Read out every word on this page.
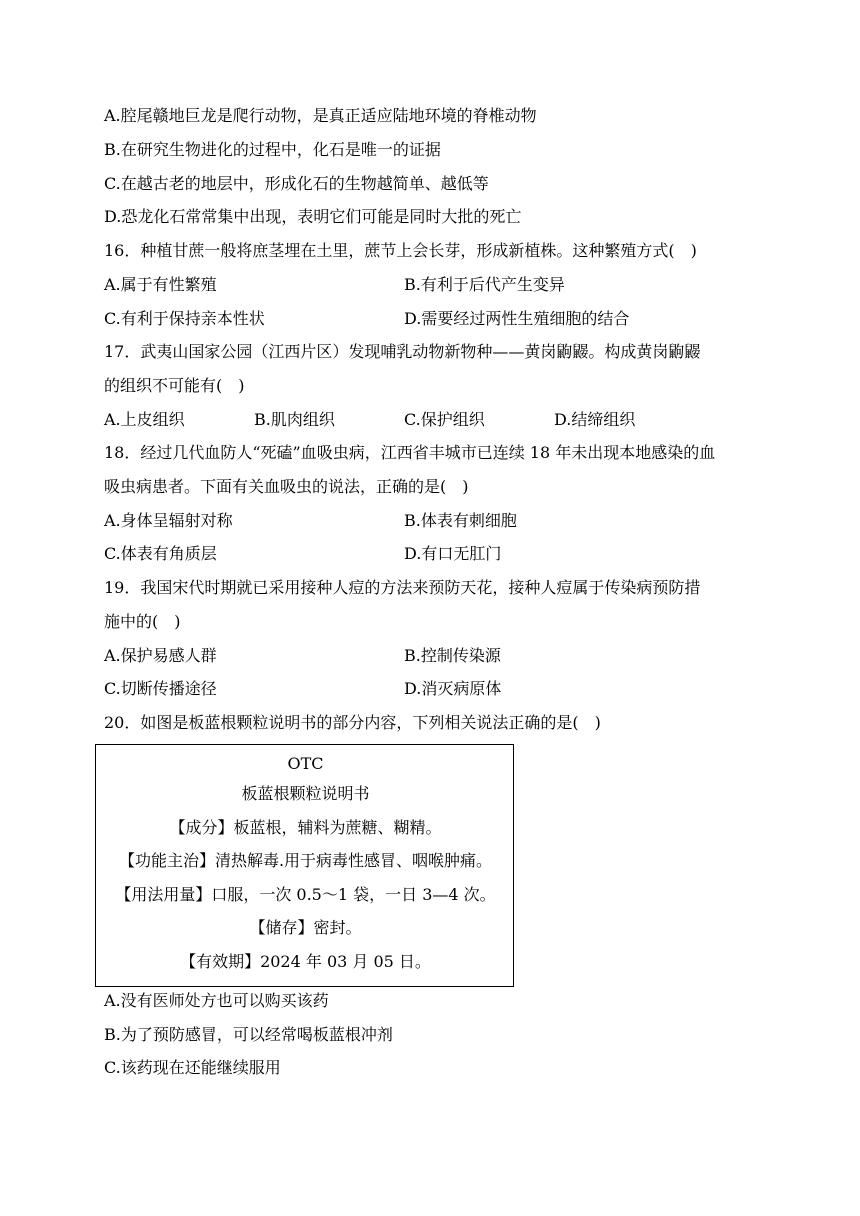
A.腔尾赣地巨龙是爬行动物，是真正适应陆地环境的脊椎动物
B.在研究生物进化的过程中，化石是唯一的证据
C.在越古老的地层中，形成化石的生物越简单、越低等
D.恐龙化石常常集中出现，表明它们可能是同时大批的死亡
16．种植甘蔗一般将庶茎埋在土里，蔗节上会长芽，形成新植株。这种繁殖方式(　)
A.属于有性繁殖	B.有利于后代产生变异
C.有利于保持亲本性状	D.需要经过两性生殖细胞的结合
17．武夷山国家公园（江西片区）发现哺乳动物新物种——黄岗鼩鼹。构成黄岗鼩鼹
的组织不可能有(　)
A.上皮组织	B.肌肉组织	C.保护组织	D.结缔组织
18．经过几代血防人“死磕”血吸虫病，江西省丰城市已连续 18 年未出现本地感染的血
吸虫病患者。下面有关血吸虫的说法，正确的是(　)
A.身体呈辐射对称	B.体表有刺细胞
C.体表有角质层	D.有口无肛门
19．我国宋代时期就已采用接种人痘的方法来预防天花，接种人痘属于传染病预防措
施中的(　)
A.保护易感人群	B.控制传染源
C.切断传播途径	D.消灭病原体
20．如图是板蓝根颗粒说明书的部分内容，下列相关说法正确的是(　)
OTC
板蓝根颗粒说明书
【成分】板蓝根，辅料为蔗糖、糊精。
【功能主治】清热解毒.用于病毒性感冒、咽喉肿痛。
【用法用量】口服，一次 0.5～1 袋，一日 3—4 次。
【储存】密封。
【有效期】2024 年 03 月 05 日。
A.没有医师处方也可以购买该药
B.为了预防感冒，可以经常喝板蓝根冲剂
C.该药现在还能继续服用
